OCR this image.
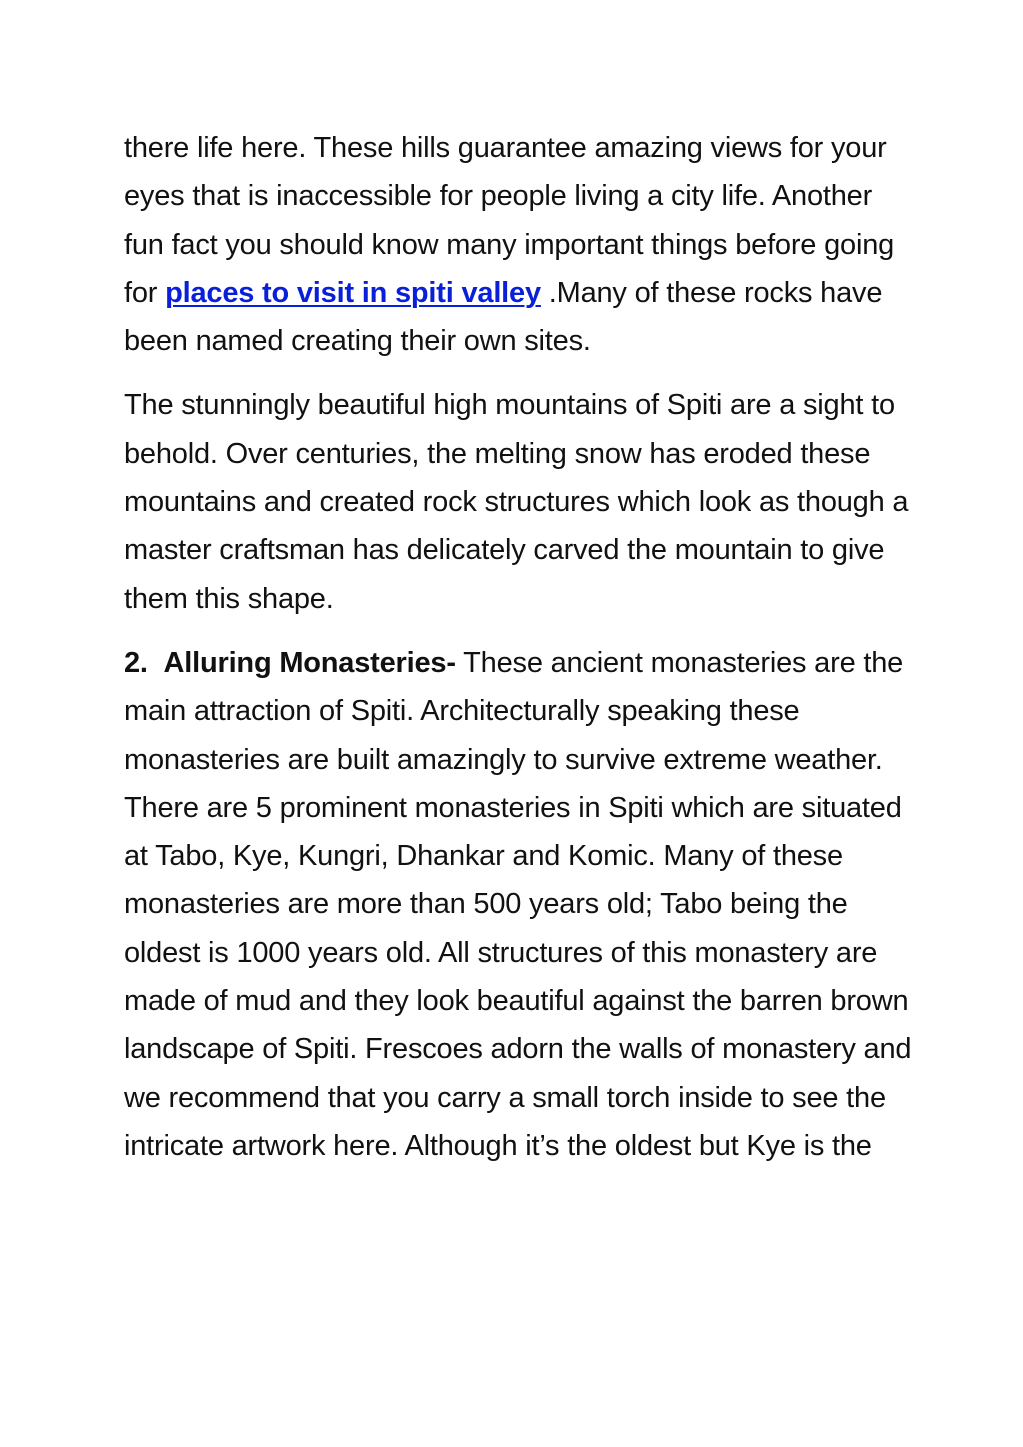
there life here. These hills guarantee amazing views for your eyes that is inaccessible for people living a city life. Another fun fact you should know many important things before going for places to visit in spiti valley .Many of these rocks have been named creating their own sites.

The stunningly beautiful high mountains of Spiti are a sight to behold. Over centuries, the melting snow has eroded these mountains and created rock structures which look as though a master craftsman has delicately carved the mountain to give them this shape.

2. Alluring Monasteries- These ancient monasteries are the main attraction of Spiti. Architecturally speaking these monasteries are built amazingly to survive extreme weather. There are 5 prominent monasteries in Spiti which are situated at Tabo, Kye, Kungri, Dhankar and Komic. Many of these monasteries are more than 500 years old; Tabo being the oldest is 1000 years old. All structures of this monastery are made of mud and they look beautiful against the barren brown landscape of Spiti. Frescoes adorn the walls of monastery and we recommend that you carry a small torch inside to see the intricate artwork here. Although it’s the oldest but Kye is the
